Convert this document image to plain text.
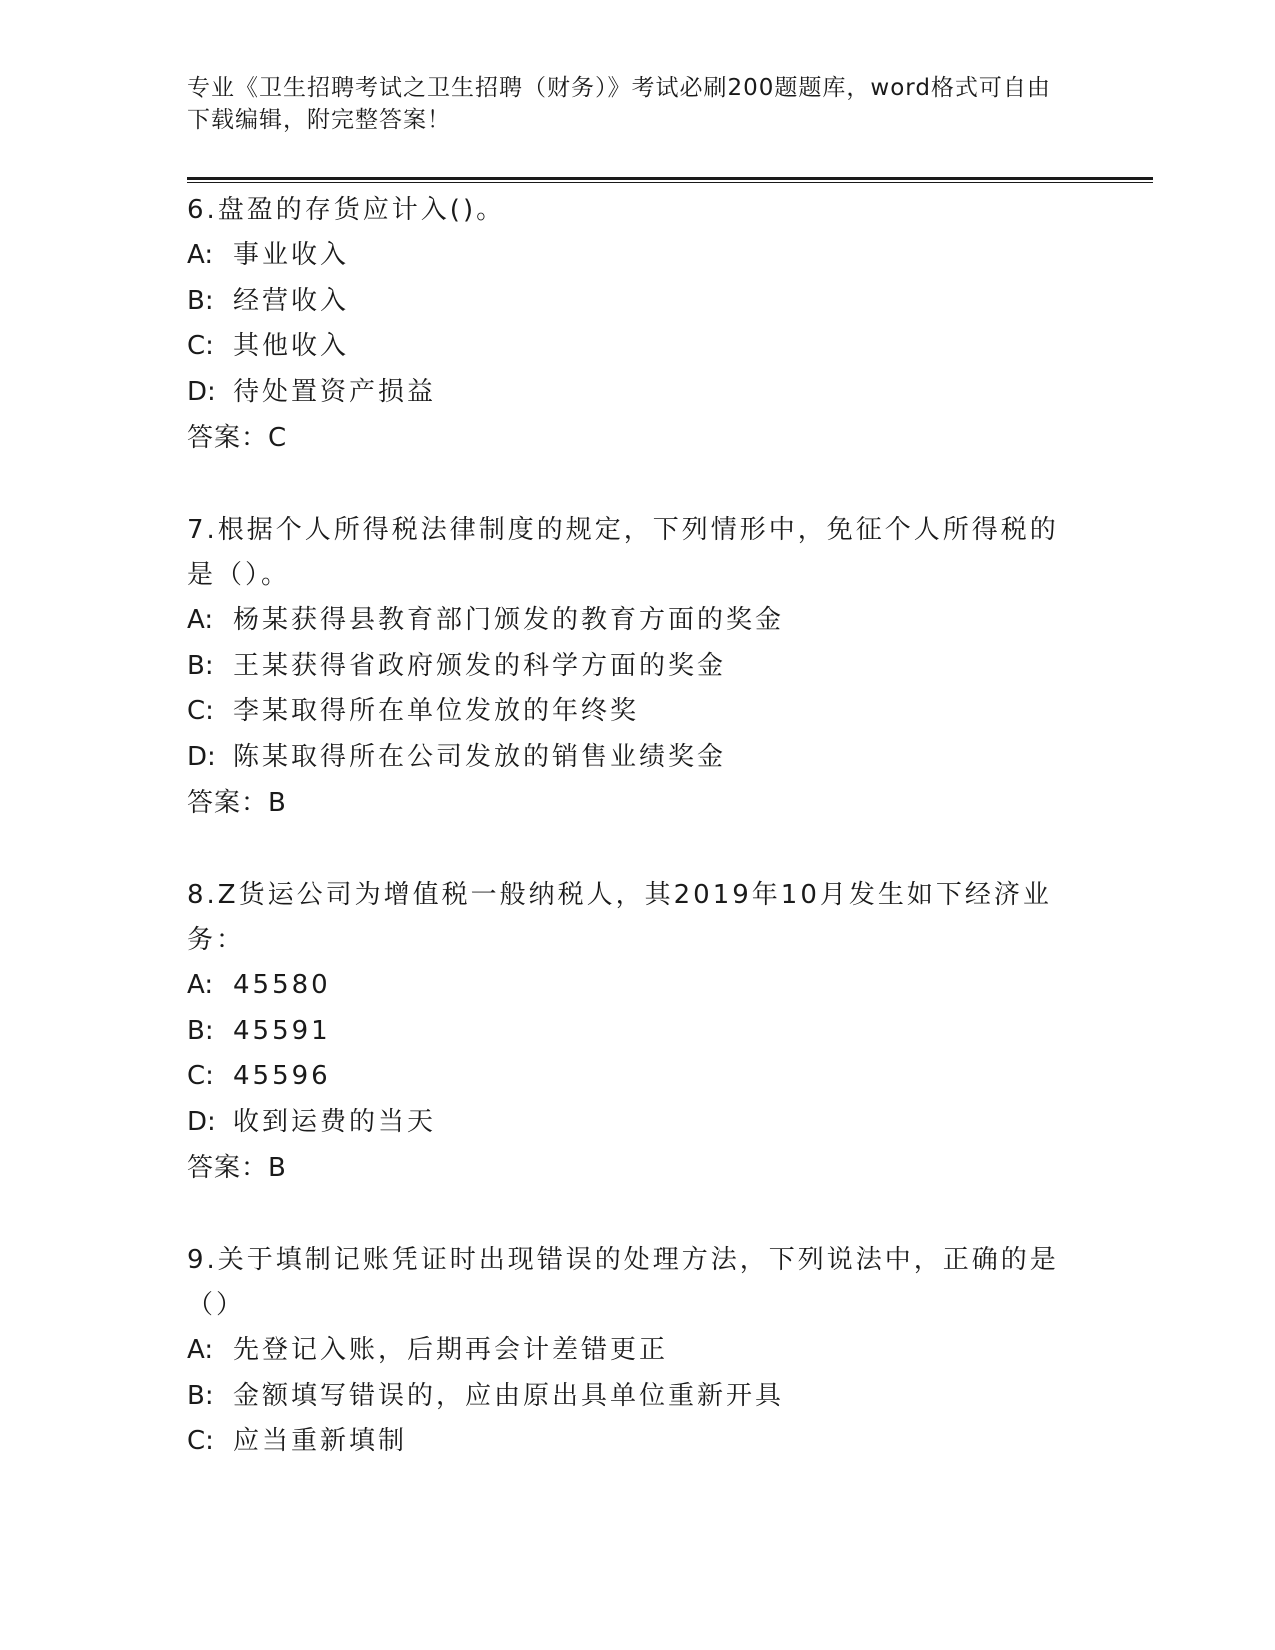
专业《卫生招聘考试之卫生招聘（财务）》考试必刷200题题库，word格式可自由下载编辑，附完整答案！
6.盘盈的存货应计入()。
A: 事业收入
B: 经营收入
C: 其他收入
D: 待处置资产损益
答案：C
7.根据个人所得税法律制度的规定，下列情形中，免征个人所得税的是（）。
A: 杨某获得县教育部门颁发的教育方面的奖金
B: 王某获得省政府颁发的科学方面的奖金
C: 李某取得所在单位发放的年终奖
D: 陈某取得所在公司发放的销售业绩奖金
答案：B
8.Z货运公司为增值税一般纳税人，其2019年10月发生如下经济业务：
A: 45580
B: 45591
C: 45596
D: 收到运费的当天
答案：B
9.关于填制记账凭证时出现错误的处理方法，下列说法中，正确的是（）
A: 先登记入账，后期再会计差错更正
B: 金额填写错误的，应由原出具单位重新开具
C: 应当重新填制
